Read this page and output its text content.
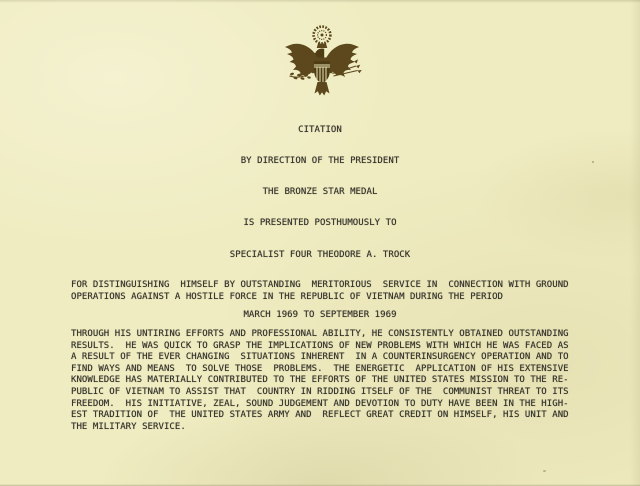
CITATION
BY DIRECTION OF THE PRESIDENT
THE BRONZE STAR MEDAL
IS PRESENTED POSTHUMOUSLY TO
SPECIALIST FOUR THEODORE A. TROCK
FOR DISTINGUISHING  HIMSELF BY OUTSTANDING  MERITORIOUS  SERVICE IN  CONNECTION WITH GROUND
OPERATIONS AGAINST A HOSTILE FORCE IN THE REPUBLIC OF VIETNAM DURING THE PERIOD
MARCH 1969 TO SEPTEMBER 1969
THROUGH HIS UNTIRING EFFORTS AND PROFESSIONAL ABILITY, HE CONSISTENTLY OBTAINED OUTSTANDING
RESULTS.  HE WAS QUICK TO GRASP THE IMPLICATIONS OF NEW PROBLEMS WITH WHICH HE WAS FACED AS
A RESULT OF THE EVER CHANGING  SITUATIONS INHERENT  IN A COUNTERINSURGENCY OPERATION AND TO
FIND WAYS AND MEANS  TO SOLVE THOSE  PROBLEMS.  THE ENERGETIC  APPLICATION OF HIS EXTENSIVE
KNOWLEDGE HAS MATERIALLY CONTRIBUTED TO THE EFFORTS OF THE UNITED STATES MISSION TO THE RE-
PUBLIC OF VIETNAM TO ASSIST THAT  COUNTRY IN RIDDING ITSELF OF THE  COMMUNIST THREAT TO ITS
FREEDOM.  HIS INITIATIVE, ZEAL, SOUND JUDGEMENT AND DEVOTION TO DUTY HAVE BEEN IN THE HIGH-
EST TRADITION OF  THE UNITED STATES ARMY AND  REFLECT GREAT CREDIT ON HIMSELF, HIS UNIT AND
THE MILITARY SERVICE.
